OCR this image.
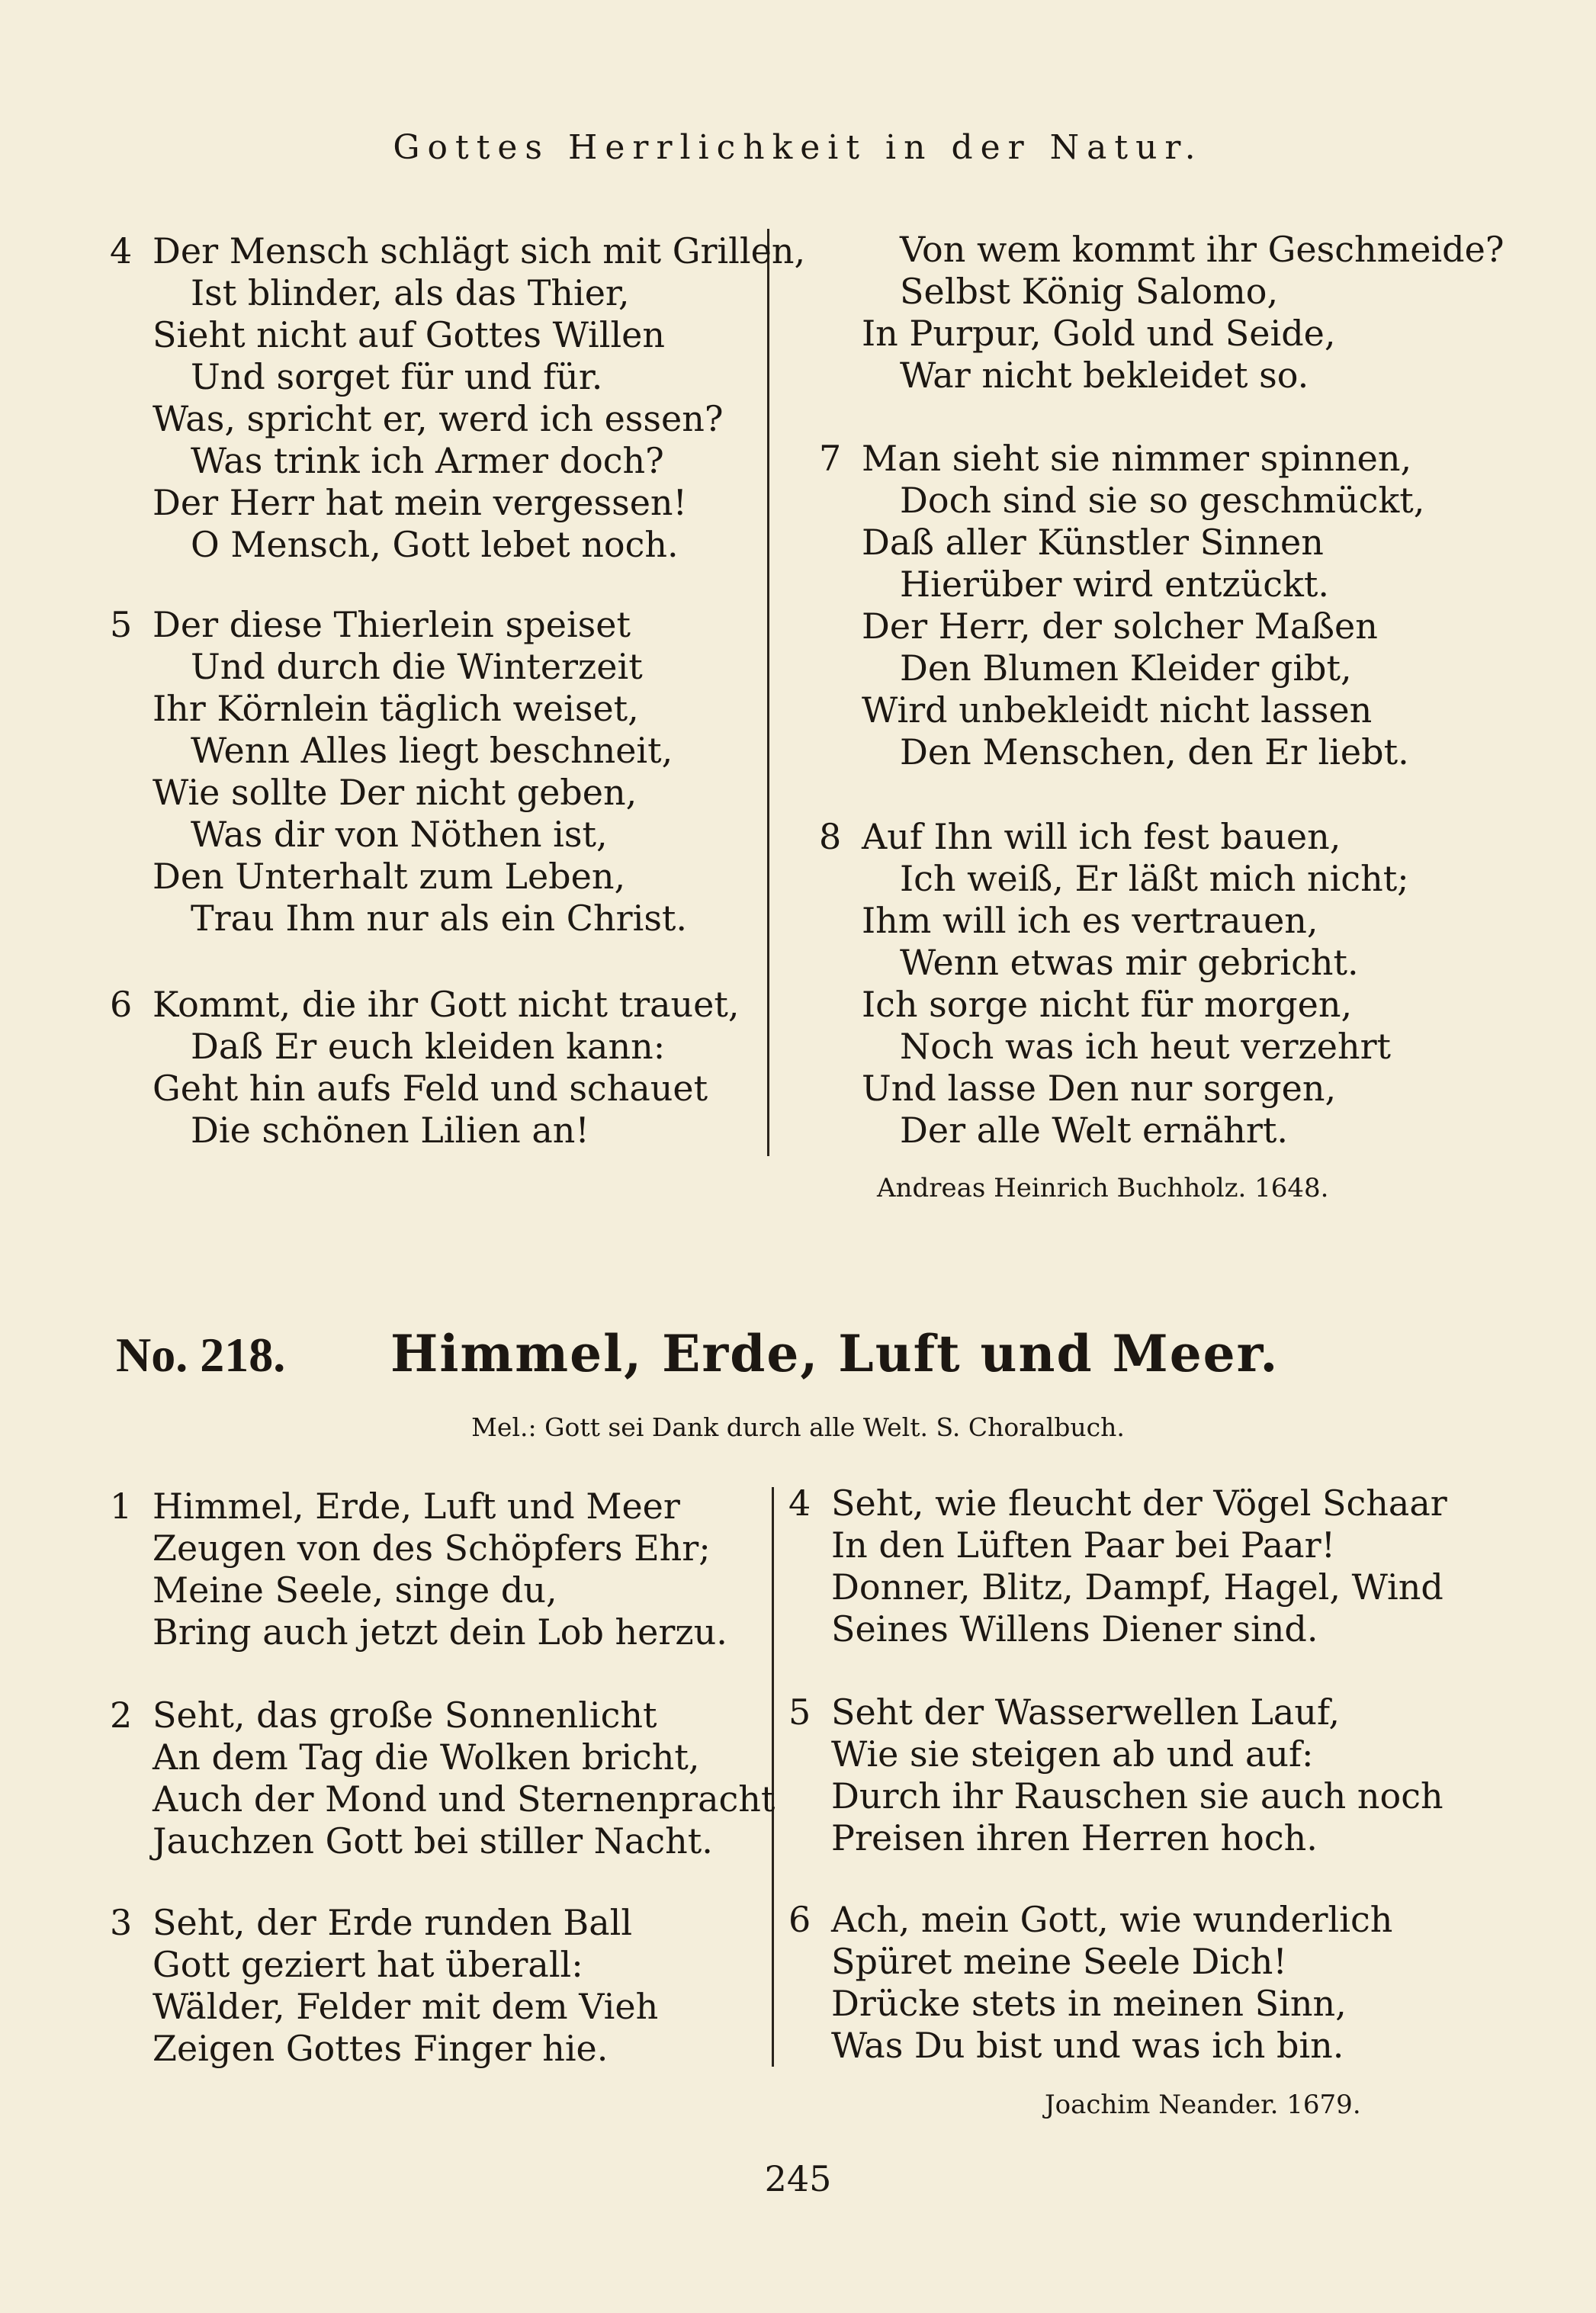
Gottes Herrlichkeit in der Natur.
4 Der Mensch schlägt sich mit Grillen,
Ist blinder, als das Thier,
Sieht nicht auf Gottes Willen
Und sorget für und für.
Was, spricht er, werd ich essen?
Was trink ich Armer doch?
Der Herr hat mein vergessen!
O Mensch, Gott lebet noch.
5 Der diese Thierlein speiset
Und durch die Winterzeit
Ihr Körnlein täglich weiset,
Wenn Alles liegt beschneit,
Wie sollte Der nicht geben,
Was dir von Nöthen ist,
Den Unterhalt zum Leben,
Trau Ihm nur als ein Christ.
6 Kommt, die ihr Gott nicht trauet,
Daß Er euch kleiden kann:
Geht hin aufs Feld und schauet
Die schönen Lilien an!
Von wem kommt ihr Geschmeide?
Selbst König Salomo,
In Purpur, Gold und Seide,
War nicht bekleidet so.
7 Man sieht sie nimmer spinnen,
Doch sind sie so geschmückt,
Daß aller Künstler Sinnen
Hierüber wird entzückt.
Der Herr, der solcher Maßen
Den Blumen Kleider gibt,
Wird unbekleidt nicht lassen
Den Menschen, den Er liebt.
8 Auf Ihn will ich fest bauen,
Ich weiß, Er läßt mich nicht;
Ihm will ich es vertrauen,
Wenn etwas mir gebricht.
Ich sorge nicht für morgen,
Noch was ich heut verzehrt
Und lasse Den nur sorgen,
Der alle Welt ernährt.
Andreas Heinrich Buchholz. 1648.
No. 218. Himmel, Erde, Luft und Meer.
Mel.: Gott sei Dank durch alle Welt. S. Choralbuch.
1 Himmel, Erde, Luft und Meer
Zeugen von des Schöpfers Ehr;
Meine Seele, singe du,
Bring auch jetzt dein Lob herzu.
2 Seht, das große Sonnenlicht
An dem Tag die Wolken bricht,
Auch der Mond und Sternenpracht
Jauchzen Gott bei stiller Nacht.
3 Seht, der Erde runden Ball
Gott geziert hat überall:
Wälder, Felder mit dem Vieh
Zeigen Gottes Finger hie.
4 Seht, wie fleucht der Vögel Schaar
In den Lüften Paar bei Paar!
Donner, Blitz, Dampf, Hagel, Wind
Seines Willens Diener sind.
5 Seht der Wasserwellen Lauf,
Wie sie steigen ab und auf:
Durch ihr Rauschen sie auch noch
Preisen ihren Herren hoch.
6 Ach, mein Gott, wie wunderlich
Spüret meine Seele Dich!
Drücke stets in meinen Sinn,
Was Du bist und was ich bin.
Joachim Neander. 1679.
245
